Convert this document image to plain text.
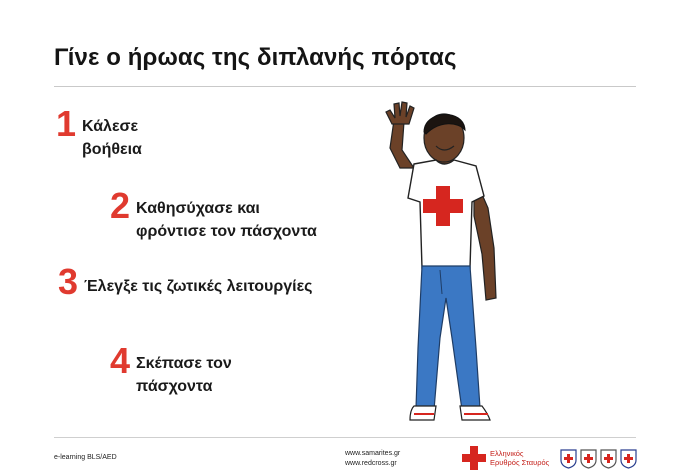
Γίνε ο ήρωας της διπλανής πόρτας
1 Κάλεσε
βοήθεια
2 Καθησύχασε και
φρόντισε τον πάσχοντα
3 Έλεγξε τις ζωτικές λειτουργίες
4 Σκέπασε τον
πάσχοντα
e-learning BLS/AED
www.samarites.gr
www.redcross.gr
Ελληνικός
Ερυθρός Σταυρός
